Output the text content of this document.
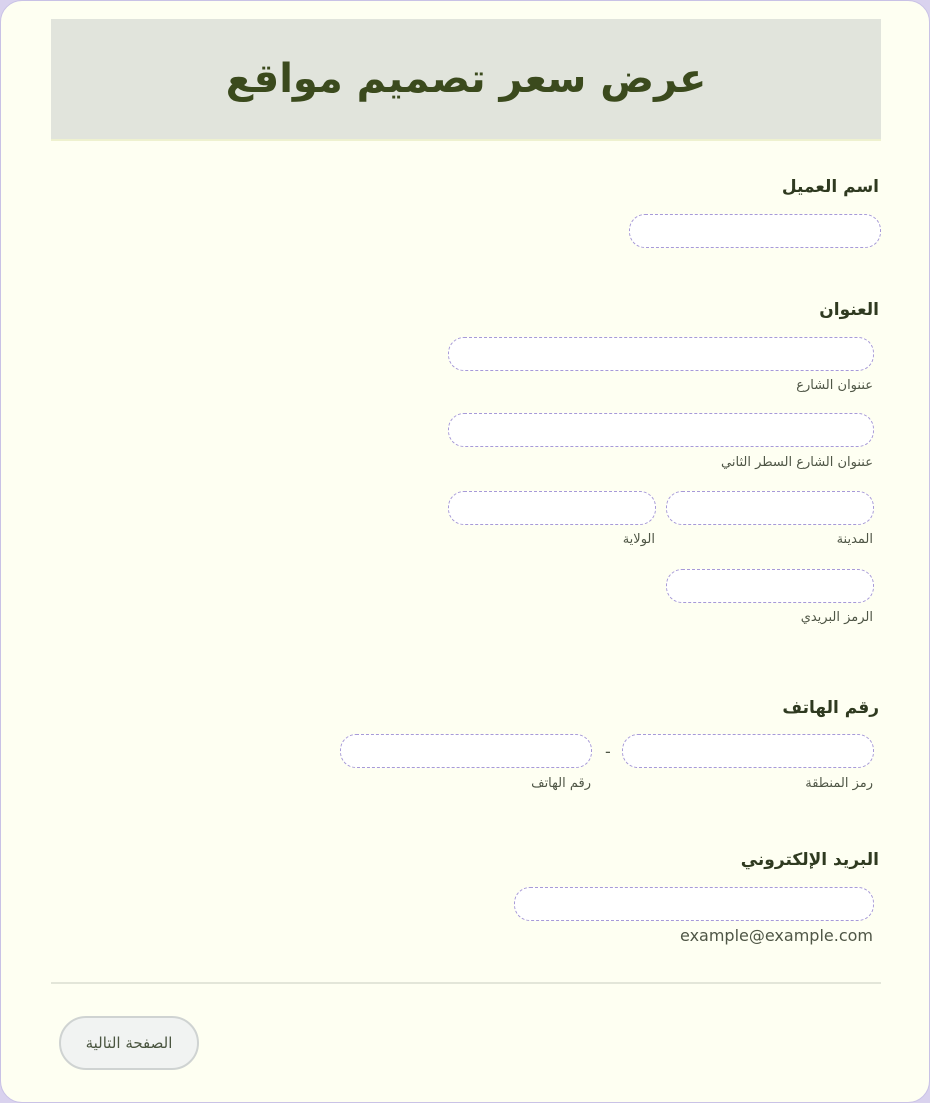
عرض سعر تصميم مواقع
اسم العميل
العنوان
عننوان الشارع
عننوان الشارع السطر الثاني
المدينة
الولاية
الرمز البريدي
رقم الهاتف
رمز المنطقة
-
رقم الهاتف
البريد الإلكتروني
example@example.com
الصفحة التالية
